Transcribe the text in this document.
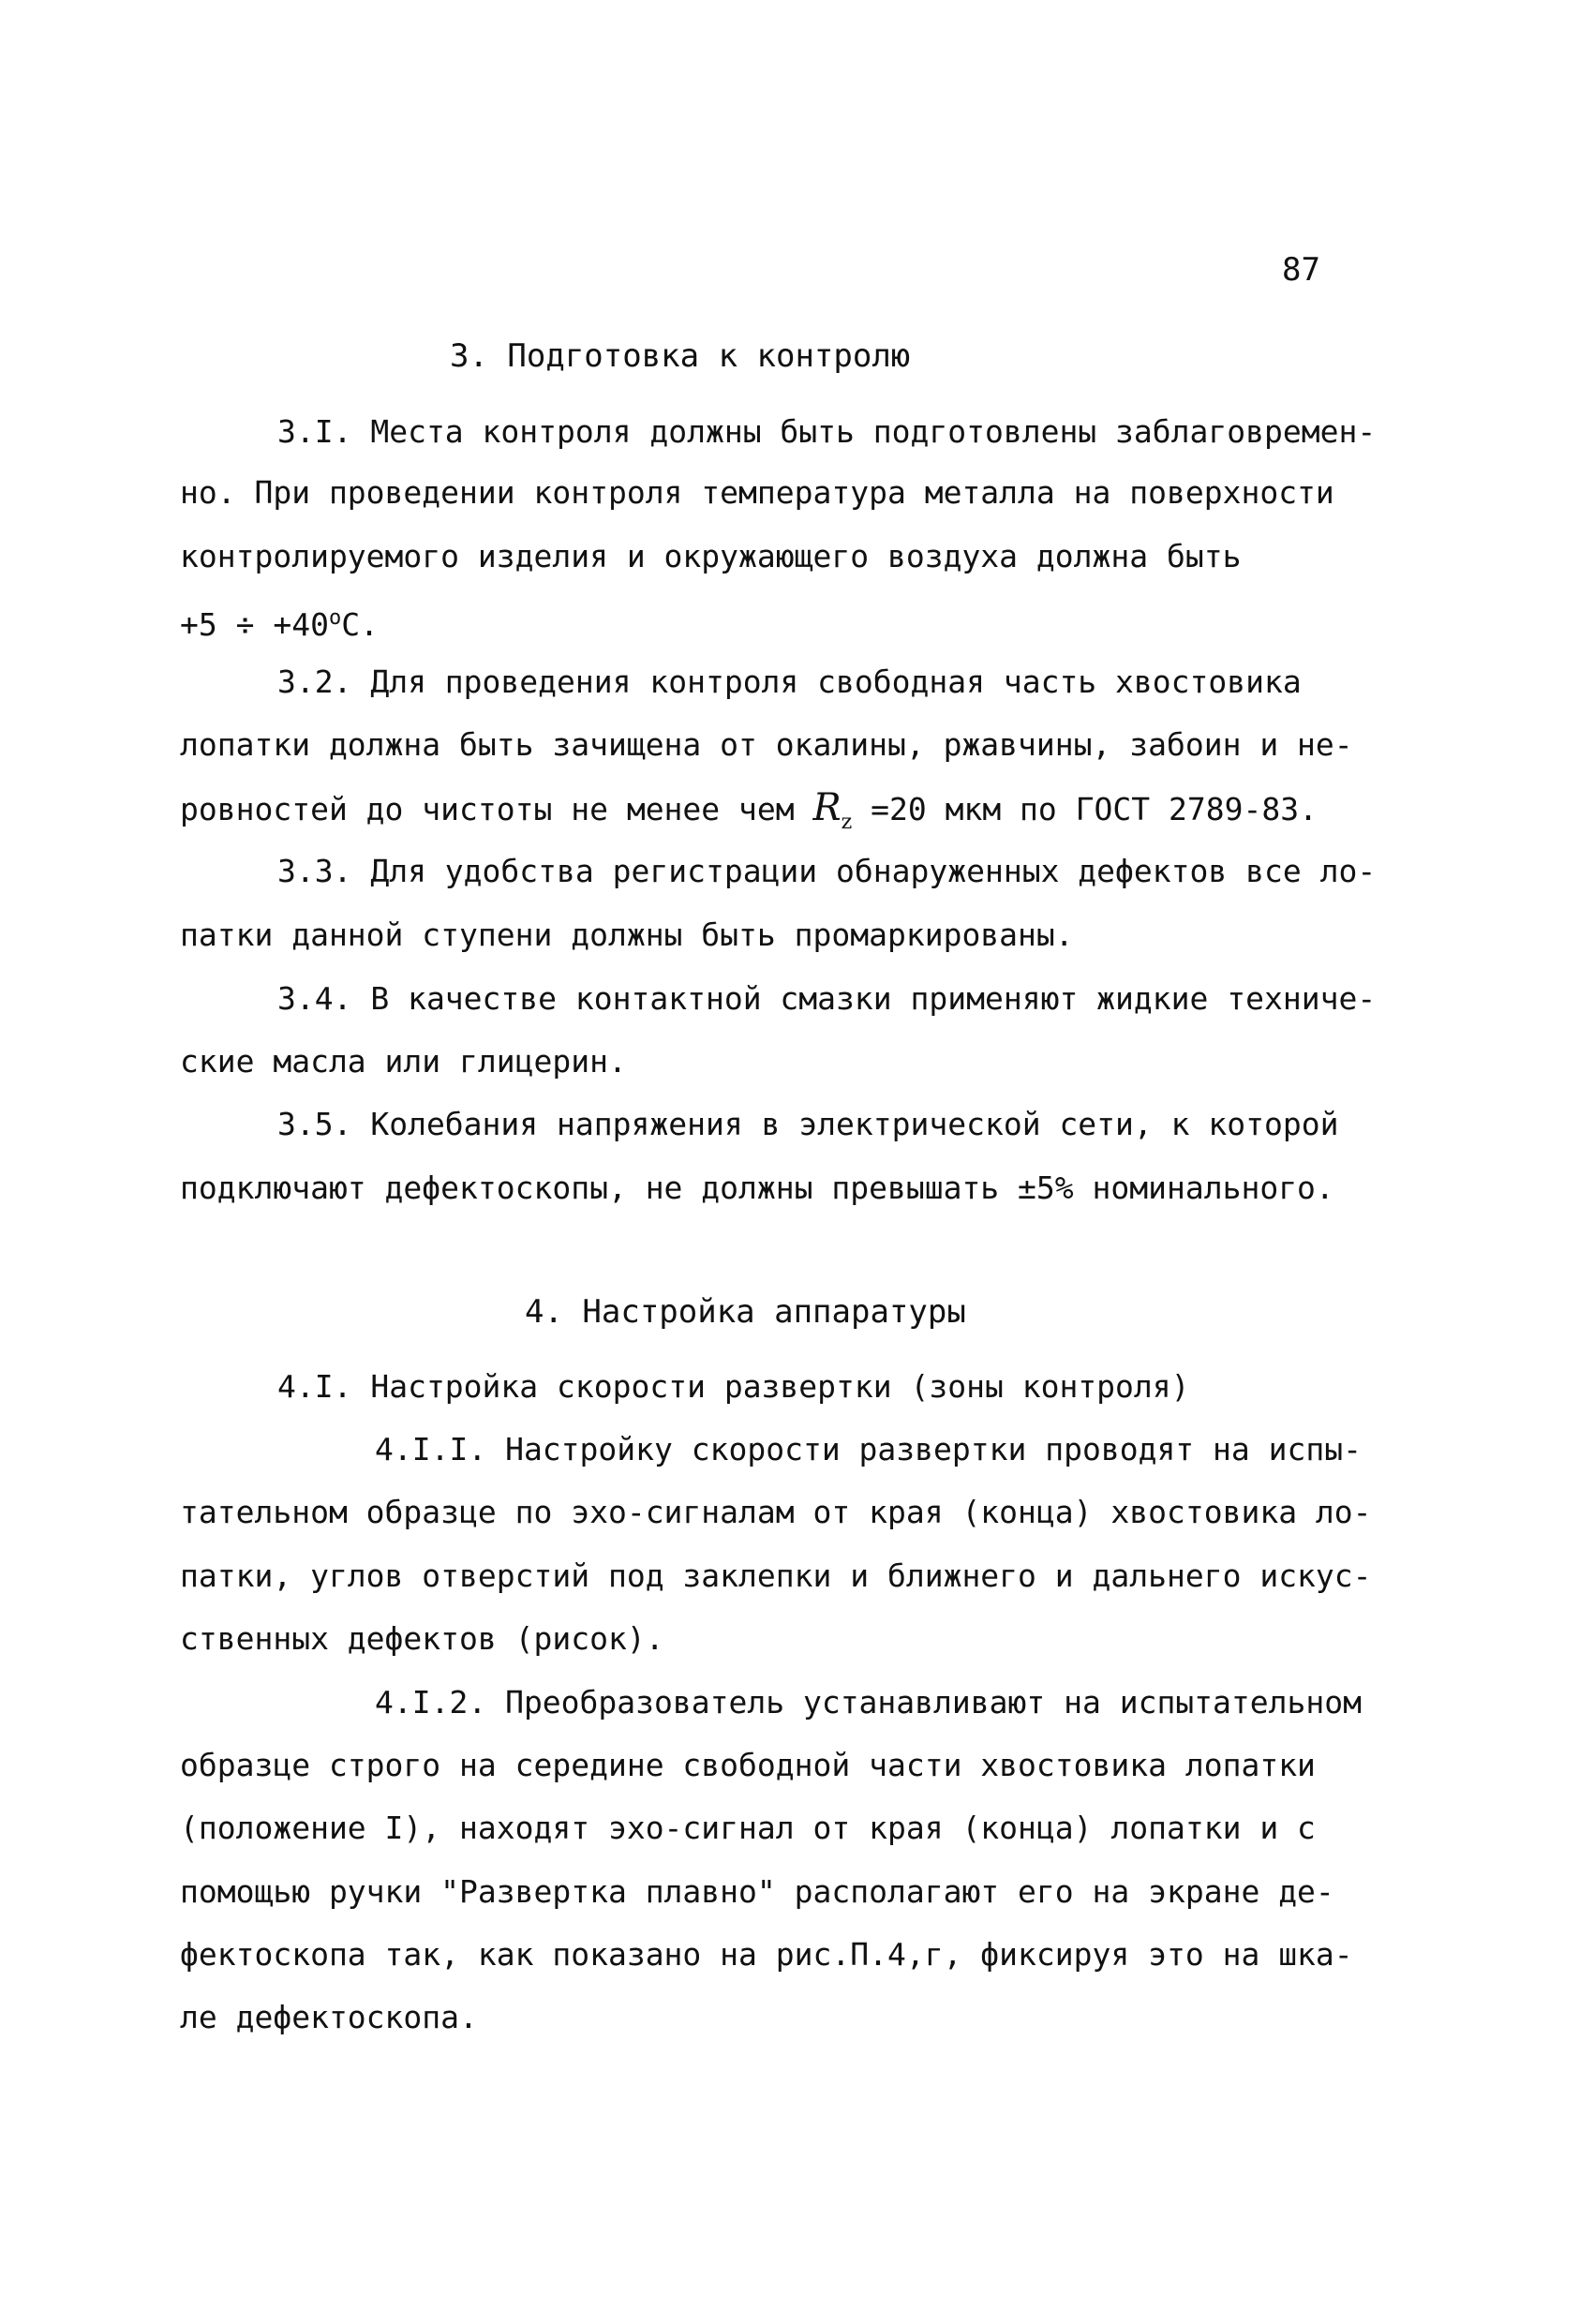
87
3. Подготовка к контролю
3.I. Места контроля должны быть подготовлены заблаговремен-
но. При проведении контроля температура металла на поверхности
контролируемого изделия и окружающего воздуха должна быть
$+5 \div +40^оС$.
3.2. Для проведения контроля свободная часть хвостовика
лопатки должна быть зачищена от окалины, ржавчины, забоин и не-
ровностей до чистоты не менее чем $R_z =20$ мкм по ГОСТ 2789-83.
3.3. Для удобства регистрации обнаруженных дефектов все ло-
патки данной ступени должны быть промаркированы.
3.4. В качестве контактной смазки применяют жидкие техниче-
ские масла или глицерин.
3.5. Колебания напряжения в электрической сети, к которой
подключают дефектоскопы, не должны превышать ±5% номинального.
4. Настройка аппаратуры
4.I. Настройка скорости развертки (зоны контроля)
4.I.I. Настройку скорости развертки проводят на испы-
тательном образце по эхо-сигналам от края (конца) хвостовика ло-
патки, углов отверстий под заклепки и ближнего и дальнего искус-
ственных дефектов (рисок).
4.I.2. Преобразователь устанавливают на испытательном
образце строго на середине свободной части хвостовика лопатки
(положение I), находят эхо-сигнал от края (конца) лопатки и с
помощью ручки "Развертка плавно" располагают его на экране де-
фектоскопа так, как показано на рис.П.4,г, фиксируя это на шка-
ле дефектоскопа.
